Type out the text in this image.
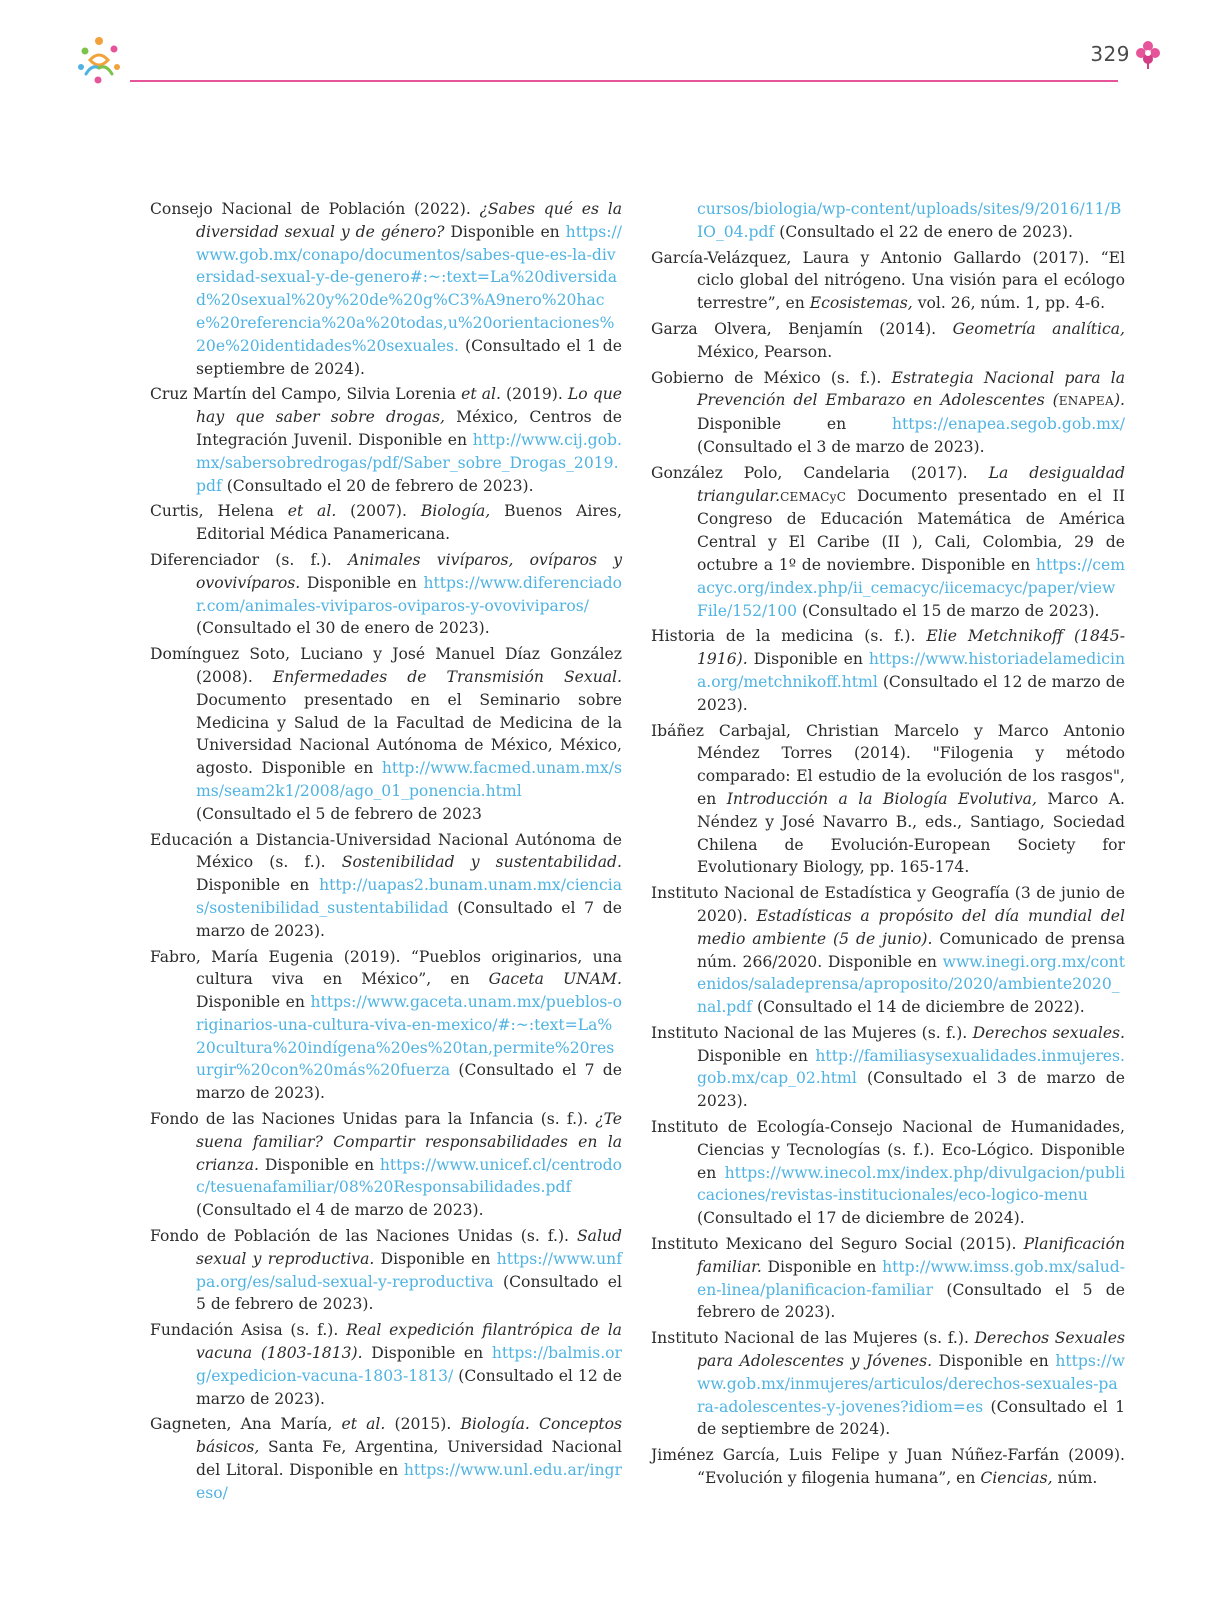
329
Consejo Nacional de Población (2022). ¿Sabes qué es la diversidad sexual y de género? Disponible en https://www.gob.mx/conapo/documentos/sabes-que-es-la-diversidad-sexual-y-de-genero#:~:text=La%20diversidad%20sexual%20y%20de%20g%C3%A9nero%20hace%20referencia%20a%20todas,u%20orientaciones%20e%20identidades%20sexuales. (Consultado el 1 de septiembre de 2024).
Cruz Martín del Campo, Silvia Lorenia et al. (2019). Lo que hay que saber sobre drogas, México, Centros de Integración Juvenil. Disponible en http://www.cij.gob.mx/sabersobredrogas/pdf/Saber_sobre_Drogas_2019.pdf (Consultado el 20 de febrero de 2023).
Curtis, Helena et al. (2007). Biología, Buenos Aires, Editorial Médica Panamericana.
Diferenciador (s. f.). Animales vivíparos, ovíparos y ovovivíparos. Disponible en https://www.diferenciador.com/animales-viviparos-oviparos-y-ovoviviparos/ (Consultado el 30 de enero de 2023).
Domínguez Soto, Luciano y José Manuel Díaz González (2008). Enfermedades de Transmisión Sexual. Documento presentado en el Seminario sobre Medicina y Salud de la Facultad de Medicina de la Universidad Nacional Autónoma de México, México, agosto. Disponible en http://www.facmed.unam.mx/sms/seam2k1/2008/ago_01_ponencia.html (Consultado el 5 de febrero de 2023
Educación a Distancia-Universidad Nacional Autónoma de México (s. f.). Sostenibilidad y sustentabilidad. Disponible en http://uapas2.bunam.unam.mx/ciencias/sostenibilidad_sustentabilidad (Consultado el 7 de marzo de 2023).
Fabro, María Eugenia (2019). “Pueblos originarios, una cultura viva en México”, en Gaceta UNAM. Disponible en https://www.gaceta.unam.mx/pueblos-originarios-una-cultura-viva-en-mexico/#:~:text=La%20cultura%20indígena%20es%20tan,permite%20resurgir%20con%20más%20fuerza (Consultado el 7 de marzo de 2023).
Fondo de las Naciones Unidas para la Infancia (s. f.). ¿Te suena familiar? Compartir responsabilidades en la crianza. Disponible en https://www.unicef.cl/centrodoc/tesuenafamiliar/08%20Responsabilidades.pdf (Consultado el 4 de marzo de 2023).
Fondo de Población de las Naciones Unidas (s. f.). Salud sexual y reproductiva. Disponible en https://www.unfpa.org/es/salud-sexual-y-reproductiva (Consultado el 5 de febrero de 2023).
Fundación Asisa (s. f.). Real expedición filantrópica de la vacuna (1803-1813). Disponible en https://balmis.org/expedicion-vacuna-1803-1813/ (Consultado el 12 de marzo de 2023).
Gagneten, Ana María, et al. (2015). Biología. Conceptos básicos, Santa Fe, Argentina, Universidad Nacional del Litoral. Disponible en https://www.unl.edu.ar/ingreso/
cursos/biologia/wp-content/uploads/sites/9/2016/11/BIO_04.pdf (Consultado el 22 de enero de 2023).
García-Velázquez, Laura y Antonio Gallardo (2017). “El ciclo global del nitrógeno. Una visión para el ecólogo terrestre”, en Ecosistemas, vol. 26, núm. 1, pp. 4-6.
Garza Olvera, Benjamín (2014). Geometría analítica, México, Pearson.
Gobierno de México (s. f.). Estrategia Nacional para la Prevención del Embarazo en Adolescentes (ENAPEA). Disponible en https://enapea.segob.gob.mx/ (Consultado el 3 de marzo de 2023).
González Polo, Candelaria (2017). La desigualdad triangular.CEMACyC Documento presentado en el II Congreso de Educación Matemática de América Central y El Caribe (II ), Cali, Colombia, 29 de octubre a 1º de noviembre. Disponible en https://cemacyc.org/index.php/ii_cemacyc/iicemacyc/paper/viewFile/152/100 (Consultado el 15 de marzo de 2023).
Historia de la medicina (s. f.). Elie Metchnikoff (1845-1916). Disponible en https://www.historiadelamedicina.org/metchnikoff.html (Consultado el 12 de marzo de 2023).
Ibáñez Carbajal, Christian Marcelo y Marco Antonio Méndez Torres (2014). "Filogenia y método comparado: El estudio de la evolución de los rasgos", en Introducción a la Biología Evolutiva, Marco A. Néndez y José Navarro B., eds., Santiago, Sociedad Chilena de Evolución-European Society for Evolutionary Biology, pp. 165-174.
Instituto Nacional de Estadística y Geografía (3 de junio de 2020). Estadísticas a propósito del día mundial del medio ambiente (5 de junio). Comunicado de prensa núm. 266/2020. Disponible en www.inegi.org.mx/contenidos/saladeprensa/aproposito/2020/ambiente2020_nal.pdf (Consultado el 14 de diciembre de 2022).
Instituto Nacional de las Mujeres (s. f.). Derechos sexuales. Disponible en http://familiasysexualidades.inmujeres.gob.mx/cap_02.html (Consultado el 3 de marzo de 2023).
Instituto de Ecología-Consejo Nacional de Humanidades, Ciencias y Tecnologías (s. f.). Eco-Lógico. Disponible en https://www.inecol.mx/index.php/divulgacion/publicaciones/revistas-institucionales/eco-logico-menu (Consultado el 17 de diciembre de 2024).
Instituto Mexicano del Seguro Social (2015). Planificación familiar. Disponible en http://www.imss.gob.mx/salud-en-linea/planificacion-familiar (Consultado el 5 de febrero de 2023).
Instituto Nacional de las Mujeres (s. f.). Derechos Sexuales para Adolescentes y Jóvenes. Disponible en https://www.gob.mx/inmujeres/articulos/derechos-sexuales-para-adolescentes-y-jovenes?idiom=es (Consultado el 1 de septiembre de 2024).
Jiménez García, Luis Felipe y Juan Núñez-Farfán (2009). “Evolución y filogenia humana”, en Ciencias, núm.
